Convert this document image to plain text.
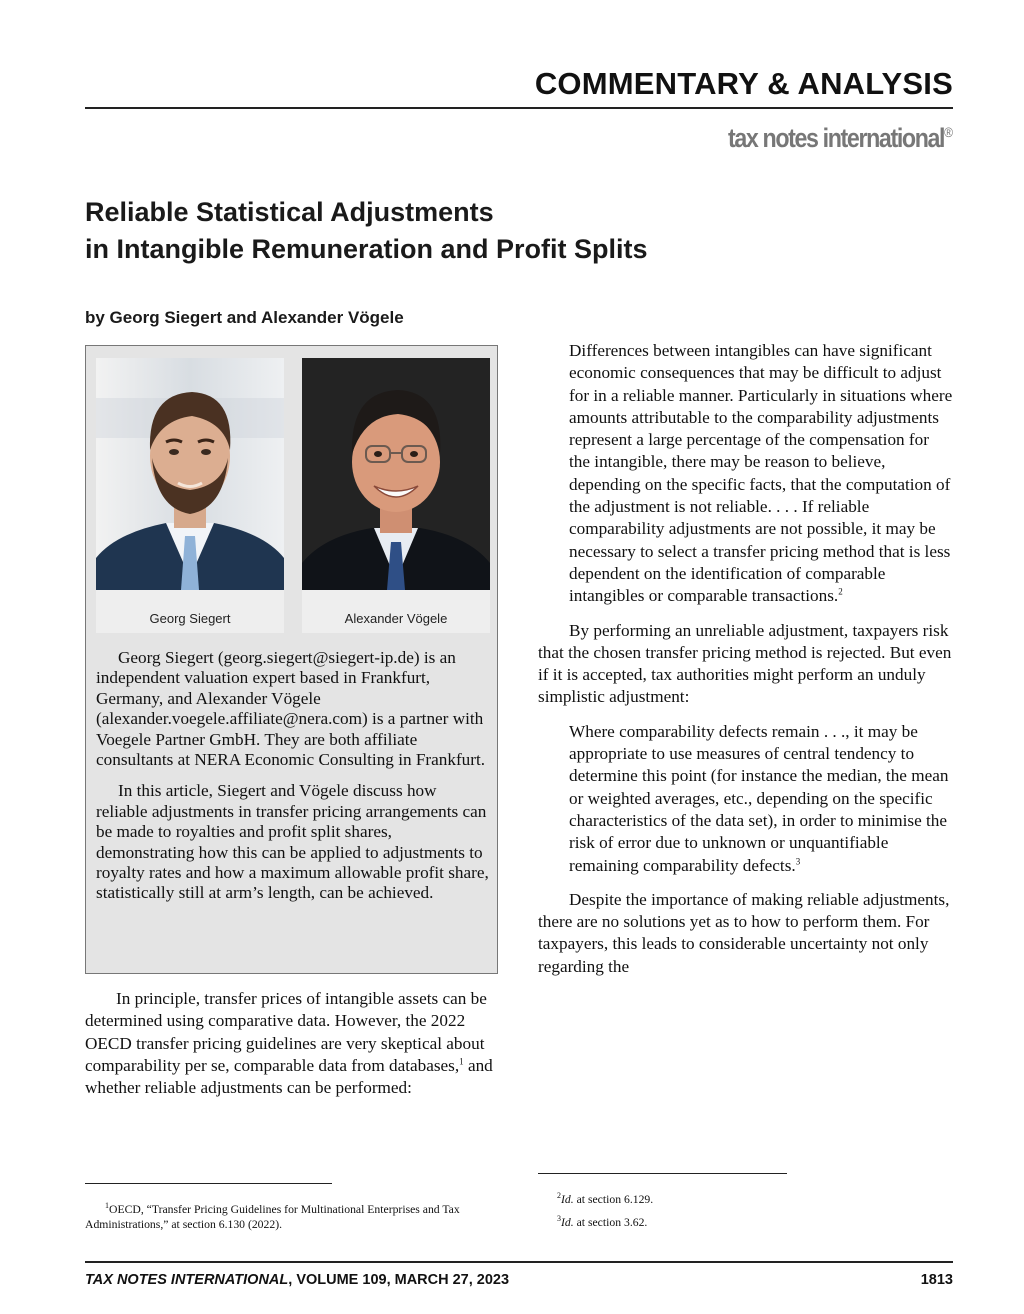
COMMENTARY & ANALYSIS
tax notes international®
Reliable Statistical Adjustments
in Intangible Remuneration and Profit Splits
by Georg Siegert and Alexander Vögele
Georg Siegert	Alexander Vögele

Georg Siegert (georg.siegert@siegert-ip.de) is an independent valuation expert based in Frankfurt, Germany, and Alexander Vögele (alexander.voegele.affiliate@nera.com) is a partner with Voegele Partner GmbH. They are both affiliate consultants at NERA Economic Consulting in Frankfurt.

In this article, Siegert and Vögele discuss how reliable adjustments in transfer pricing arrangements can be made to royalties and profit split shares, demonstrating how this can be applied to adjustments to royalty rates and how a maximum allowable profit share, statistically still at arm’s length, can be achieved.

In principle, transfer prices of intangible assets can be determined using comparative data. However, the 2022 OECD transfer pricing guidelines are very skeptical about comparability per se, comparable data from databases,$^1$ and whether reliable adjustments can be performed:

Differences between intangibles can have significant economic consequences that may be difficult to adjust for in a reliable manner. Particularly in situations where amounts attributable to the comparability adjustments represent a large percentage of the compensation for the intangible, there may be reason to believe, depending on the specific facts, that the computation of the adjustment is not reliable. . . . If reliable comparability adjustments are not possible, it may be necessary to select a transfer pricing method that is less dependent on the identification of comparable intangibles or comparable transactions.$^2$

By performing an unreliable adjustment, taxpayers risk that the chosen transfer pricing method is rejected. But even if it is accepted, tax authorities might perform an unduly simplistic adjustment:

Where comparability defects remain . . ., it may be appropriate to use measures of central tendency to determine this point (for instance the median, the mean or weighted averages, etc., depending on the specific characteristics of the data set), in order to minimise the risk of error due to unknown or unquantifiable remaining comparability defects.$^3$

Despite the importance of making reliable adjustments, there are no solutions yet as to how to perform them. For taxpayers, this leads to considerable uncertainty not only regarding the

$^1$OECD, “Transfer Pricing Guidelines for Multinational Enterprises and Tax Administrations,” at section 6.130 (2022).
$^2$Id. at section 6.129.
$^3$Id. at section 3.62.
TAX NOTES INTERNATIONAL, VOLUME 109, MARCH 27, 2023	1813
